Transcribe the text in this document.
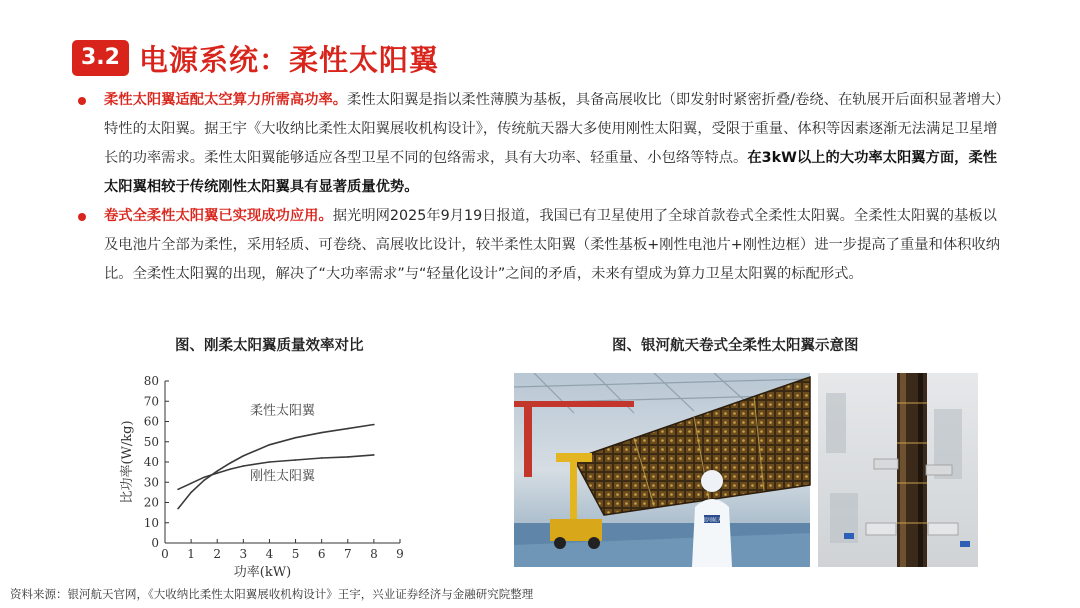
3.2 电源系统：柔性太阳翼
柔性太阳翼适配太空算力所需高功率。柔性太阳翼是指以柔性薄膜为基板，具备高展收比（即发射时紧密折叠/卷绕、在轨展开后面积显著增大）特性的太阳翼。据王宇《大收纳比柔性太阳翼展收机构设计》，传统航天器大多使用刚性太阳翼，受限于重量、体积等因素逐渐无法满足卫星增长的功率需求。柔性太阳翼能够适应各型卫星不同的包络需求，具有大功率、轻重量、小包络等特点。在3kW以上的大功率太阳翼方面，柔性太阳翼相较于传统刚性太阳翼具有显著质量优势。
卷式全柔性太阳翼已实现成功应用。据光明网2025年9月19日报道，我国已有卫星使用了全球首款卷式全柔性太阳翼。全柔性太阳翼的基板以及电池片全部为柔性，采用轻质、可卷绕、高展收比设计，较半柔性太阳翼（柔性基板+刚性电池片+刚性边框）进一步提高了重量和体积收纳比。全柔性太阳翼的出现，解决了“大功率需求”与“轻量化设计”之间的矛盾，未来有望成为算力卫星太阳翼的标配形式。
图、刚柔太阳翼质量效率对比	图、银河航天卷式全柔性太阳翼示意图
0 1 2 3 4 5 6 7 8 9
0
10
20
30
40
50
60
70
80
功率(kW)
比功率(W/kg)
柔性太阳翼
刚性太阳翼
银河航天
资料来源：银河航天官网，《大收纳比柔性太阳翼展收机构设计》王宇，兴业证券经济与金融研究院整理
